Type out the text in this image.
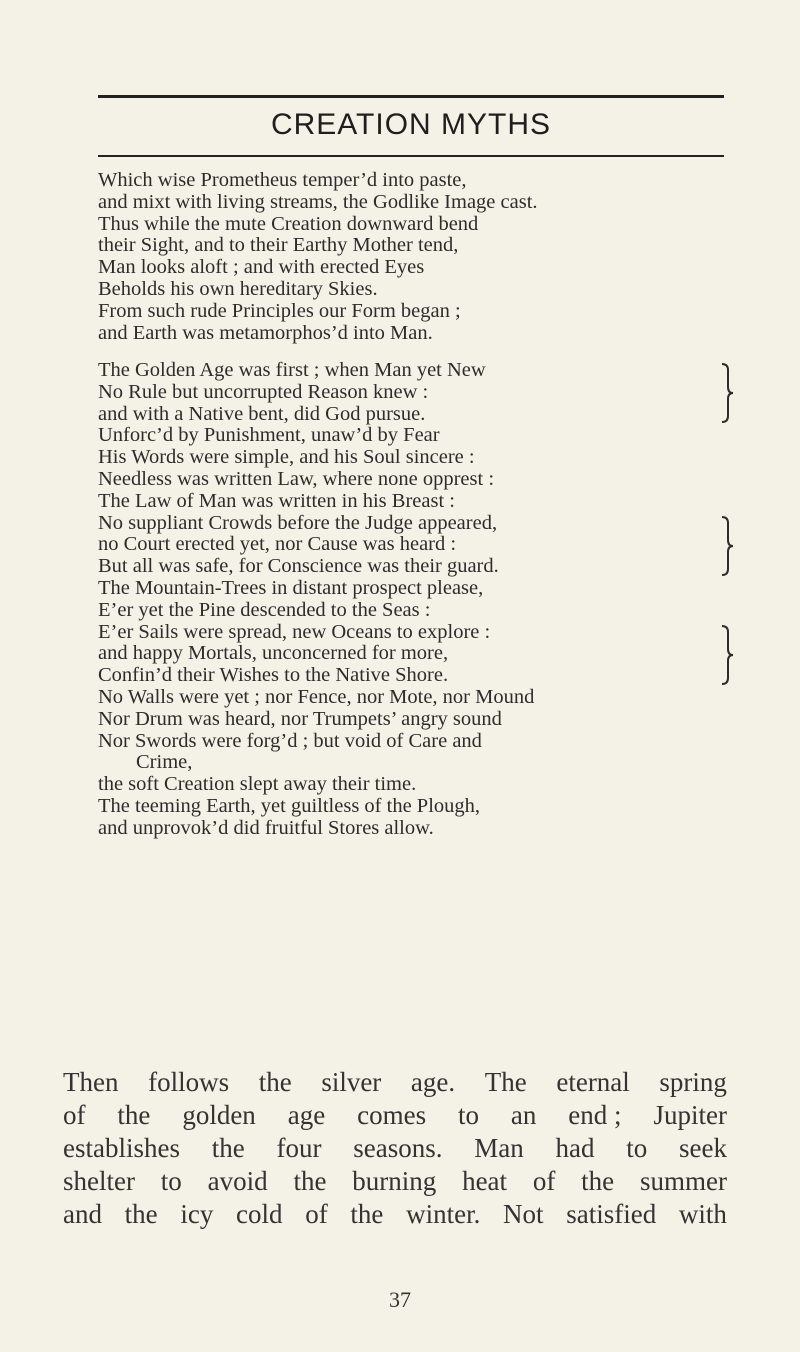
CREATION MYTHS
Which wise Prometheus temper’d into paste,
and mixt with living streams, the Godlike Image cast.
Thus while the mute Creation downward bend
their Sight, and to their Earthy Mother tend,
Man looks aloft ; and with erected Eyes
Beholds his own hereditary Skies.
From such rude Principles our Form began ;
and Earth was metamorphos’d into Man.
The Golden Age was first ; when Man yet New
No Rule but uncorrupted Reason knew :
and with a Native bent, did God pursue.
Unforc’d by Punishment, unaw’d by Fear
His Words were simple, and his Soul sincere :
Needless was written Law, where none opprest :
The Law of Man was written in his Breast :
No suppliant Crowds before the Judge appeared,
no Court erected yet, nor Cause was heard :
But all was safe, for Conscience was their guard.
The Mountain-Trees in distant prospect please,
E’er yet the Pine descended to the Seas :
E’er Sails were spread, new Oceans to explore :
and happy Mortals, unconcerned for more,
Confin’d their Wishes to the Native Shore.
No Walls were yet ; nor Fence, nor Mote, nor Mound
Nor Drum was heard, nor Trumpets’ angry sound
Nor Swords were forg’d ; but void of Care and
Crime,
the soft Creation slept away their time.
The teeming Earth, yet guiltless of the Plough,
and unprovok’d did fruitful Stores allow.
Then follows the silver age. The eternal spring
of the golden age comes to an end ; Jupiter
establishes the four seasons. Man had to seek
shelter to avoid the burning heat of the summer
and the icy cold of the winter. Not satisfied with
37
